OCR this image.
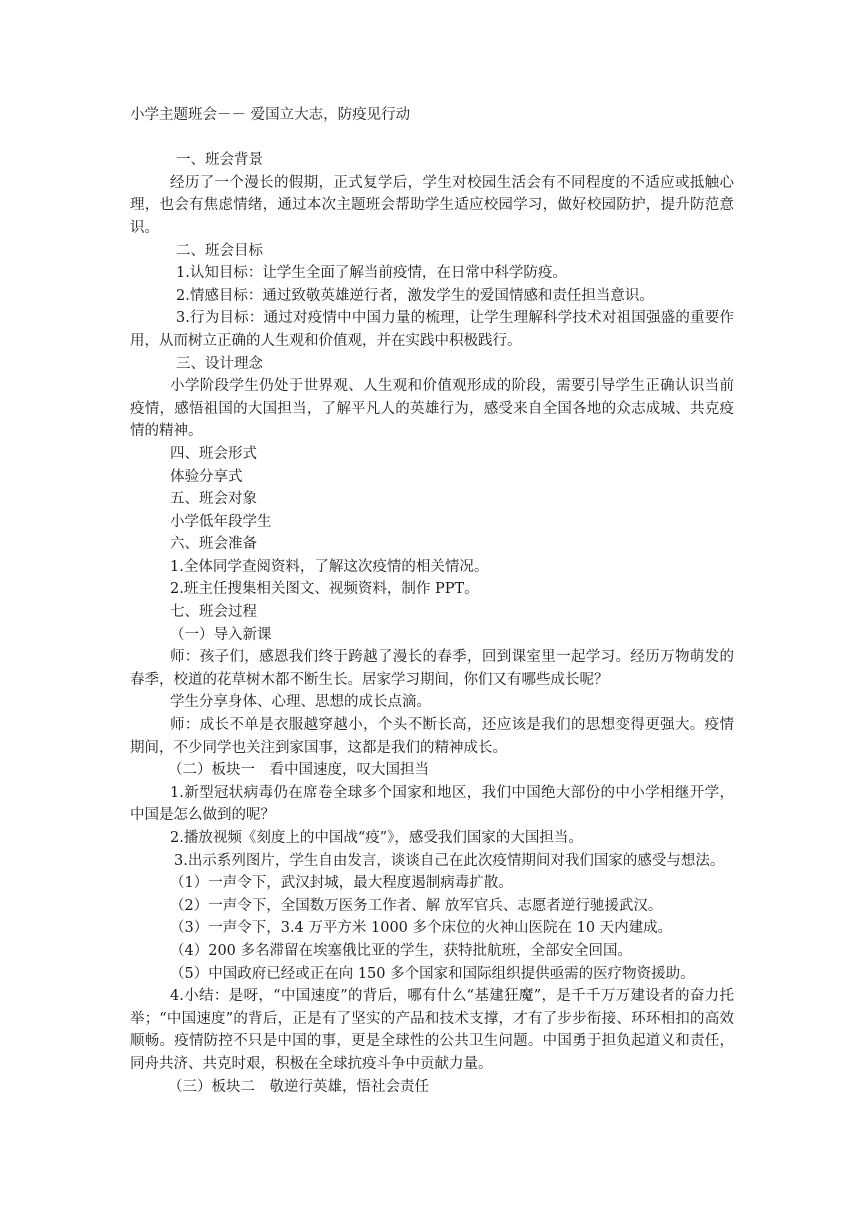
小学主题班会－－ 爱国立大志，防疫见行动

一、班会背景

经历了一个漫长的假期，正式复学后，学生对校园生活会有不同程度的不适应或抵触心理，也会有焦虑情绪，通过本次主题班会帮助学生适应校园学习，做好校园防护，提升防范意识。

二、班会目标

1.认知目标：让学生全面了解当前疫情，在日常中科学防疫。

2.情感目标：通过致敬英雄逆行者，激发学生的爱国情感和责任担当意识。

3.行为目标：通过对疫情中中国力量的梳理，让学生理解科学技术对祖国强盛的重要作用，从而树立正确的人生观和价值观，并在实践中积极践行。

三、设计理念

小学阶段学生仍处于世界观、人生观和价值观形成的阶段，需要引导学生正确认识当前疫情，感悟祖国的大国担当，了解平凡人的英雄行为，感受来自全国各地的众志成城、共克疫情的精神。

四、班会形式

体验分享式

五、班会对象

小学低年段学生

六、班会准备

1.全体同学查阅资料，了解这次疫情的相关情况。

2.班主任搜集相关图文、视频资料，制作 PPT。

七、班会过程

（一）导入新课

师：孩子们，感恩我们终于跨越了漫长的春季，回到课室里一起学习。经历万物萌发的春季，校道的花草树木都不断生长。居家学习期间，你们又有哪些成长呢？

学生分享身体、心理、思想的成长点滴。

师：成长不单是衣服越穿越小，个头不断长高，还应该是我们的思想变得更强大。疫情期间，不少同学也关注到家国事，这都是我们的精神成长。

（二）板块一　看中国速度，叹大国担当

1.新型冠状病毒仍在席卷全球多个国家和地区，我们中国绝大部份的中小学相继开学，中国是怎么做到的呢？

2.播放视频《刻度上的中国战“疫”》，感受我们国家的大国担当。

3.出示系列图片，学生自由发言，谈谈自己在此次疫情期间对我们国家的感受与想法。

（1）一声令下，武汉封城，最大程度遏制病毒扩散。

（2）一声令下，全国数万医务工作者、解 放军官兵、志愿者逆行驰援武汉。

（3）一声令下，3.4 万平方米 1000 多个床位的火神山医院在 10 天内建成。

（4）200 多名滞留在埃塞俄比亚的学生，获特批航班，全部安全回国。

（5）中国政府已经或正在向 150 多个国家和国际组织提供亟需的医疗物资援助。

4.小结：是呀，“中国速度”的背后，哪有什么“基建狂魔”，是千千万万建设者的奋力托举；“中国速度”的背后，正是有了坚实的产品和技术支撑，才有了步步衔接、环环相扣的高效顺畅。疫情防控不只是中国的事，更是全球性的公共卫生问题。中国勇于担负起道义和责任，同舟共济、共克时艰，积极在全球抗疫斗争中贡献力量。

（三）板块二　敬逆行英雄，悟社会责任
